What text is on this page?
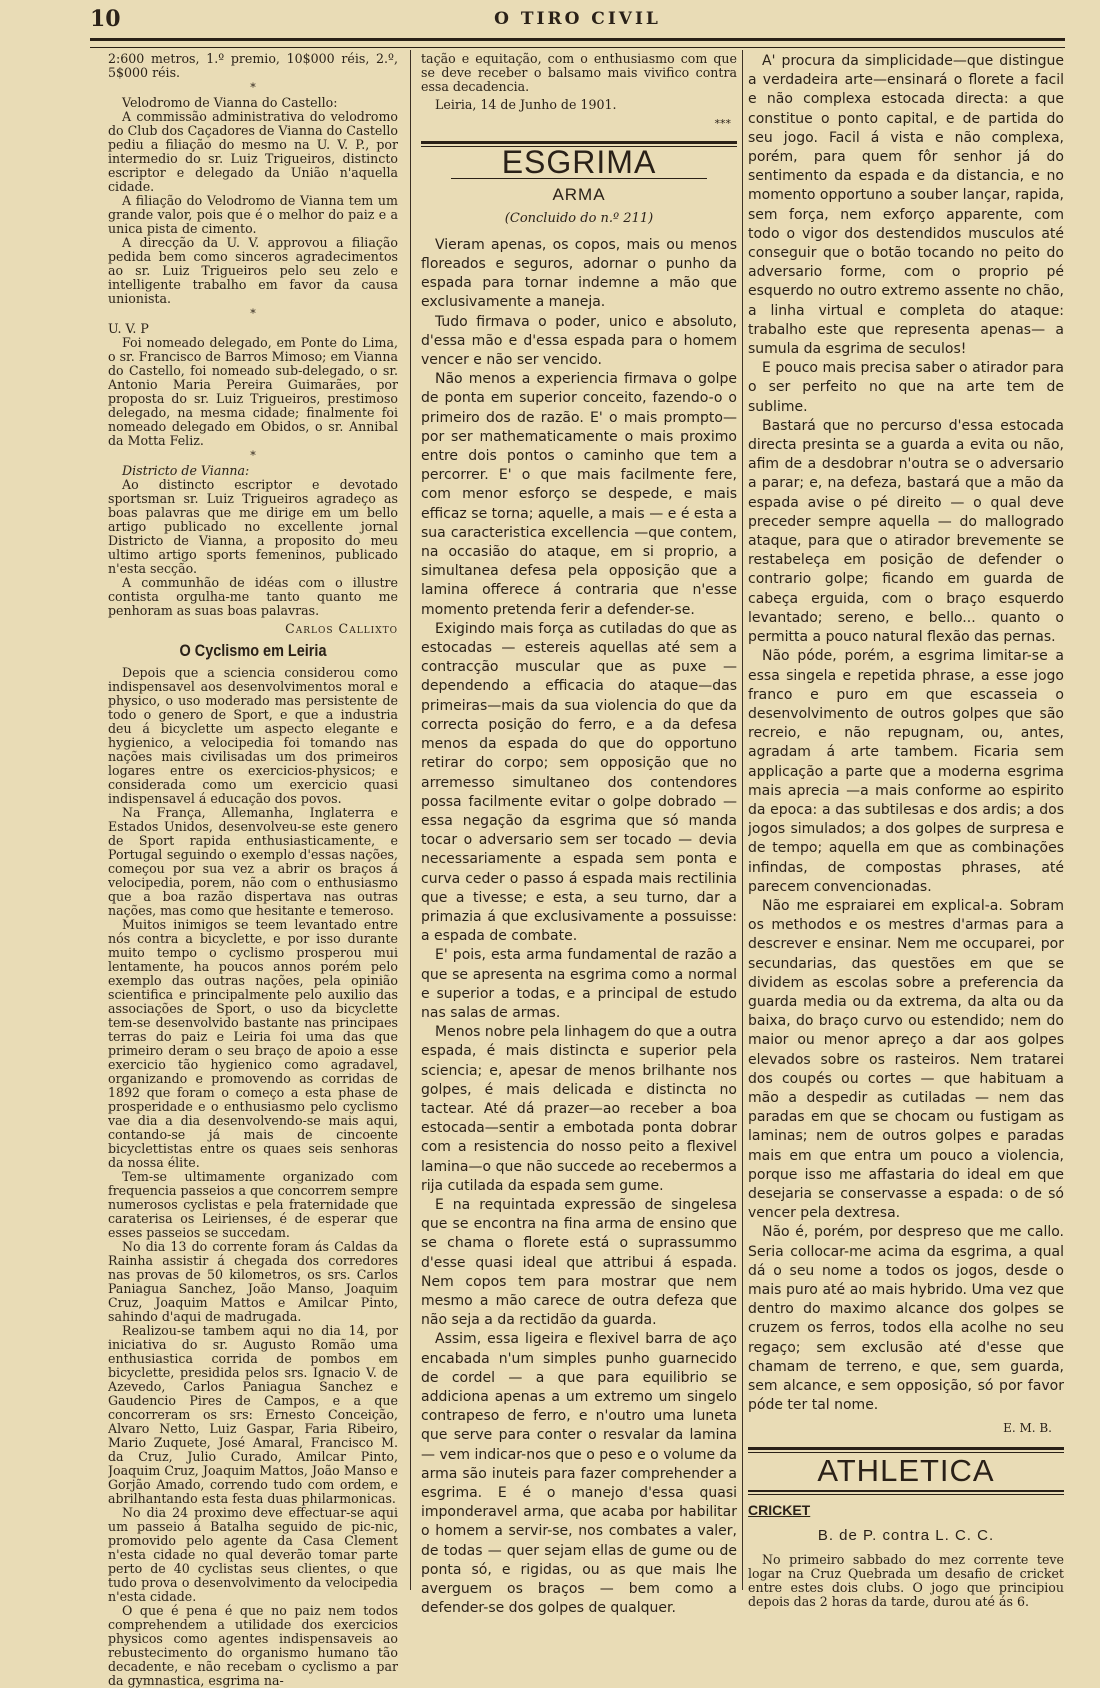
10	O TIRO CIVIL

2:600 metros, 1.º premio, 10$000 réis, 2.º, 5$000 réis.

*

Velodromo de Vianna do Castello:

A commissão administrativa do velodromo do Club dos Caçadores de Vianna do Castello pediu a filiação do mesmo na U. V. P., por intermedio do sr. Luiz Trigueiros, distincto escriptor e delegado da União n'aquella cidade.

A filiação do Velodromo de Vianna tem um grande valor, pois que é o melhor do paiz e a unica pista de cimento.

A direcção da U. V. approvou a filiação pedida bem como sinceros agradecimentos ao sr. Luiz Trigueiros pelo seu zelo e intelligente trabalho em favor da causa unionista.

*

U. V. P

Foi nomeado delegado, em Ponte do Lima, o sr. Francisco de Barros Mimoso; em Vianna do Castello, foi nomeado sub-delegado, o sr. Antonio Maria Pereira Guimarães, por proposta do sr. Luiz Trigueiros, prestimoso delegado, na mesma cidade; finalmente foi nomeado delegado em Obidos, o sr. Annibal da Motta Feliz.

*

Districto de Vianna:

Ao distincto escriptor e devotado sportsman sr. Luiz Trigueiros agradeço as boas palavras que me dirige em um bello artigo publicado no excellente jornal Districto de Vianna, a proposito do meu ultimo artigo sports femeninos, publicado n'esta secção.

A communhão de idéas com o illustre contista orgulha-me tanto quanto me penhoram as suas boas palavras.

Carlos Callixto

O Cyclismo em Leiria

Depois que a sciencia considerou como indispensavel aos desenvolvimentos moral e physico, o uso moderado mas persistente de todo o genero de Sport, e que a industria deu á bicyclette um aspecto elegante e hygienico, a velocipedia foi tomando nas nações mais civilisadas um dos primeiros logares entre os exercicios-physicos; e considerada como um exercicio quasi indispensavel á educação dos povos.

Na França, Allemanha, Inglaterra e Estados Unidos, desenvolveu-se este genero de Sport rapida enthusiasticamente, e Portugal seguindo o exemplo d'essas nações, começou por sua vez a abrir os braços á velocipedia, porem, não com o enthusiasmo que a boa razão dispertava nas outras nações, mas como que hesitante e temeroso.

Muitos inimigos se teem levantado entre nós contra a bicyclette, e por isso durante muito tempo o cyclismo prosperou mui lentamente, ha poucos annos porém pelo exemplo das outras nações, pela opinião scientifica e principalmente pelo auxilio das associações de Sport, o uso da bicyclette tem-se desenvolvido bastante nas principaes terras do paiz e Leiria foi uma das que primeiro deram o seu braço de apoio a esse exercicio tão hygienico como agradavel, organizando e promovendo as corridas de 1892 que foram o começo a esta phase de prosperidade e o enthusiasmo pelo cyclismo vae dia a dia desenvolvendo-se mais aqui, contando-se já mais de cincoente bicyclettistas entre os quaes seis senhoras da nossa élite.

Tem-se ultimamente organizado com frequencia passeios a que concorrem sempre numerosos cyclistas e pela fraternidade que caraterisa os Leirienses, é de esperar que esses passeios se succedam.

No dia 13 do corrente foram ás Caldas da Rainha assistir á chegada dos corredores nas provas de 50 kilometros, os srs. Carlos Paniagua Sanchez, João Manso, Joaquim Cruz, Joaquim Mattos e Amilcar Pinto, sahindo d'aqui de madrugada.

Realizou-se tambem aqui no dia 14, por iniciativa do sr. Augusto Romão uma enthusiastica corrida de pombos em bicyclette, presidida pelos srs. Ignacio V. de Azevedo, Carlos Paniagua Sanchez e Gaudencio Pires de Campos, e a que concorreram os srs: Ernesto Conceição, Alvaro Netto, Luiz Gaspar, Faria Ribeiro, Mario Zuquete, José Amaral, Francisco M. da Cruz, Julio Curado, Amilcar Pinto, Joaquim Cruz, Joaquim Mattos, João Manso e Gorjão Amado, correndo tudo com ordem, e abrilhantando esta festa duas philarmonicas.

No dia 24 proximo deve effectuar-se aqui um passeio á Batalha seguido de pic-nic, promovido pelo agente da Casa Clement n'esta cidade no qual deverão tomar parte perto de 40 cyclistas seus clientes, o que tudo prova o desenvolvimento da velocipedia n'esta cidade.

O que é pena é que no paiz nem todos comprehendem a utilidade dos exercicios physicos como agentes indispensaveis ao rebustecimento do organismo humano tão decadente, e não recebam o cyclismo a par da gymnastica, esgrima na-

tação e equitação, com o enthusiasmo com que se deve receber o balsamo mais vivifico contra essa decadencia.

Leiria, 14 de Junho de 1901.

***

ESGRIMA
ARMA

(Concluido do n.º 211)

Vieram apenas, os copos, mais ou menos floreados e seguros, adornar o punho da espada para tornar indemne a mão que exclusivamente a maneja.

Tudo firmava o poder, unico e absoluto, d'essa mão e d'essa espada para o homem vencer e não ser vencido.

Não menos a experiencia firmava o golpe de ponta em superior conceito, fazendo-o o primeiro dos de razão. E' o mais prompto—por ser mathematicamente o mais proximo entre dois pontos o caminho que tem a percorrer. E' o que mais facilmente fere, com menor esforço se despede, e mais efficaz se torna; aquelle, a mais — e é esta a sua caracteristica excellencia —que contem, na occasião do ataque, em si proprio, a simultanea defesa pela opposição que a lamina offerece á contraria que n'esse momento pretenda ferir a defender-se.

Exigindo mais força as cutiladas do que as estocadas — estereis aquellas até sem a contracção muscular que as puxe — dependendo a efficacia do ataque—das primeiras—mais da sua violencia do que da correcta posição do ferro, e a da defesa menos da espada do que do opportuno retirar do corpo; sem opposição que no arremesso simultaneo dos contendores possa facilmente evitar o golpe dobrado — essa negação da esgrima que só manda tocar o adversario sem ser tocado — devia necessariamente a espada sem ponta e curva ceder o passo á espada mais rectilinia que a tivesse; e esta, a seu turno, dar a primazia á que exclusivamente a possuisse: a espada de combate.

E' pois, esta arma fundamental de razão a que se apresenta na esgrima como a normal e superior a todas, e a principal de estudo nas salas de armas.

Menos nobre pela linhagem do que a outra espada, é mais distincta e superior pela sciencia; e, apesar de menos brilhante nos golpes, é mais delicada e distincta no tactear. Até dá prazer—ao receber a boa estocada—sentir a embotada ponta dobrar com a resistencia do nosso peito a flexivel lamina—o que não succede ao recebermos a rija cutilada da espada sem gume.

E na requintada expressão de singelesa que se encontra na fina arma de ensino que se chama o florete está o suprassummo d'esse quasi ideal que attribui á espada. Nem copos tem para mostrar que nem mesmo a mão carece de outra defeza que não seja a da rectidão da guarda.

Assim, essa ligeira e flexivel barra de aço encabada n'um simples punho guarnecido de cordel — a que para equilibrio se addiciona apenas a um extremo um singelo contrapeso de ferro, e n'outro uma luneta que serve para conter o resvalar da lamina — vem indicar-nos que o peso e o volume da arma são inuteis para fazer comprehender a esgrima. E é o manejo d'essa quasi imponderavel arma, que acaba por habilitar o homem a servir-se, nos combates a valer, de todas — quer sejam ellas de gume ou de ponta só, e rigidas, ou as que mais lhe averguem os braços — bem como a defender-se dos golpes de qualquer.

A' procura da simplicidade—que distingue a verdadeira arte—ensinará o florete a facil e não complexa estocada directa: a que constitue o ponto capital, e de partida do seu jogo. Facil á vista e não complexa, porém, para quem fôr senhor já do sentimento da espada e da distancia, e no momento opportuno a souber lançar, rapida, sem força, nem exforço apparente, com todo o vigor dos destendidos musculos até conseguir que o botão tocando no peito do adversario forme, com o proprio pé esquerdo no outro extremo assente no chão, a linha virtual e completa do ataque: trabalho este que representa apenas— a sumula da esgrima de seculos!

E pouco mais precisa saber o atirador para o ser perfeito no que na arte tem de sublime.

Bastará que no percurso d'essa estocada directa presinta se a guarda a evita ou não, afim de a desdobrar n'outra se o adversario a parar; e, na defeza, bastará que a mão da espada avise o pé direito — o qual deve preceder sempre aquella — do mallogrado ataque, para que o atirador brevemente se restabeleça em posição de defender o contrario golpe; ficando em guarda de cabeça erguida, com o braço esquerdo levantado; sereno, e bello... quanto o permitta a pouco natural flexão das pernas.

Não póde, porém, a esgrima limitar-se a essa singela e repetida phrase, a esse jogo franco e puro em que escasseia o desenvolvimento de outros golpes que são recreio, e não repugnam, ou, antes, agradam á arte tambem. Ficaria sem applicação a parte que a moderna esgrima mais aprecia —a mais conforme ao espirito da epoca: a das subtilesas e dos ardis; a dos jogos simulados; a dos golpes de surpresa e de tempo; aquella em que as combinações infindas, de compostas phrases, até parecem convencionadas.

Não me espraiarei em explical-a. Sobram os methodos e os mestres d'armas para a descrever e ensinar. Nem me occuparei, por secundarias, das questões em que se dividem as escolas sobre a preferencia da guarda media ou da extrema, da alta ou da baixa, do braço curvo ou estendido; nem do maior ou menor apreço a dar aos golpes elevados sobre os rasteiros. Nem tratarei dos coupés ou cortes — que habituam a mão a despedir as cutiladas — nem das paradas em que se chocam ou fustigam as laminas; nem de outros golpes e paradas mais em que entra um pouco a violencia, porque isso me affastaria do ideal em que desejaria se conservasse a espada: o de só vencer pela dextresa.

Não é, porém, por despreso que me callo. Seria collocar-me acima da esgrima, a qual dá o seu nome a todos os jogos, desde o mais puro até ao mais hybrido. Uma vez que dentro do maximo alcance dos golpes se cruzem os ferros, todos ella acolhe no seu regaço; sem exclusão até d'esse que chamam de terreno, e que, sem guarda, sem alcance, e sem opposição, só por favor póde ter tal nome.

E. M. B.

ATHLETICA

CRICKET

B. de P. contra L. C. C.

No primeiro sabbado do mez corrente teve logar na Cruz Quebrada um desafio de cricket entre estes dois clubs. O jogo que principiou depois das 2 horas da tarde, durou até ás 6.
